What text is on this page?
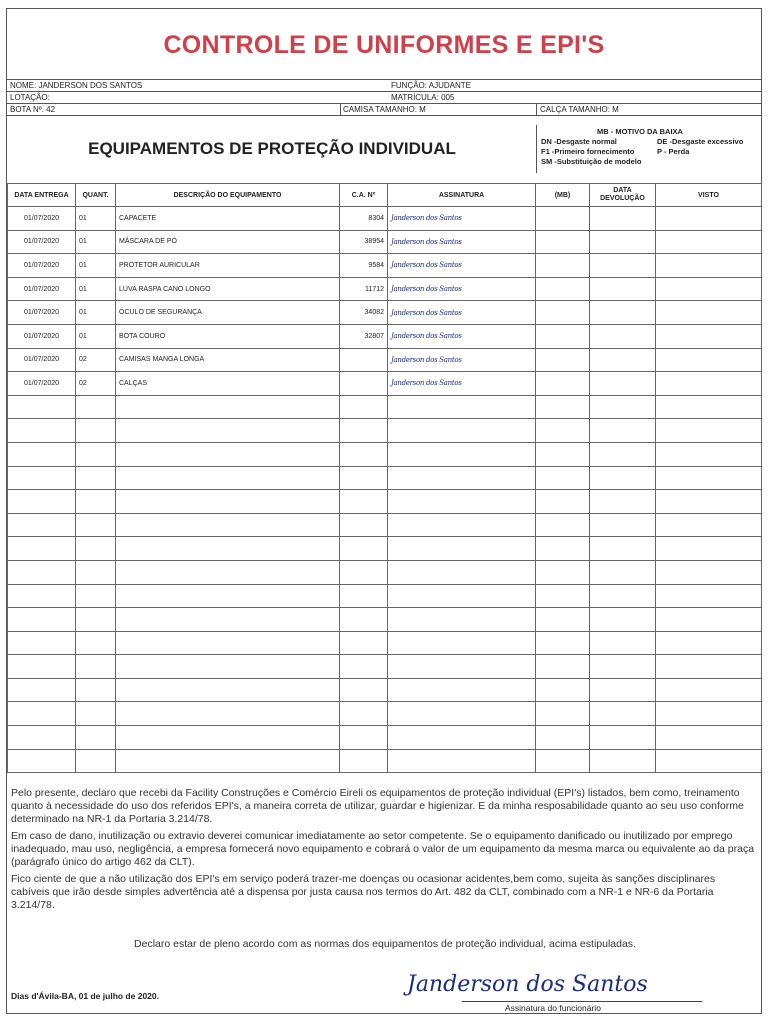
CONTROLE DE UNIFORMES E EPI'S
NOME: JANDERSON DOS SANTOS	FUNÇÃO: AJUDANTE
LOTAÇÃO:	MATRÍCULA: 005
BOTA Nº. 42	CAMISA TAMANHO: M	CALÇA TAMANHO: M
EQUIPAMENTOS DE PROTEÇÃO INDIVIDUAL
MB - MOTIVO DA BAIXA
DN -Desgaste normal	DE -Desgaste excessivo
F1 -Primeiro fornecimento	P - Perda
SM -Substituição de modelo
DATA ENTREGA	QUANT.	DESCRIÇÃO DO EQUIPAMENTO	C.A. Nº	ASSINATURA	(MB)	DATA DEVOLUÇÃO	VISTO
01/07/2020	01	CAPACETE	8304	Janderson dos Santos			
01/07/2020	01	MÁSCARA DE PÓ	38954	Janderson dos Santos			
01/07/2020	01	PROTETOR AURICULAR	9584	Janderson dos Santos			
01/07/2020	01	LUVA RASPA CANO LONGO	11712	Janderson dos Santos			
01/07/2020	01	ÓCULO DE SEGURANÇA	34082	Janderson dos Santos			
01/07/2020	01	BOTA COURO	32807	Janderson dos Santos			
01/07/2020	02	CAMISAS MANGA LONGA		Janderson dos Santos			
01/07/2020	02	CALÇAS		Janderson dos Santos			

Pelo presente, declaro que recebi da Facility Construções e Comércio Eireli os equipamentos de proteção individual (EPI's) listados, bem como, treinamento quanto à necessidade do uso dos referidos EPI's, a maneira correta de utilizar, guardar e higienizar. E da minha resposabilidade quanto ao seu uso conforme determinado na NR-1 da Portaria 3.214/78.

Em caso de dano, inutilização ou extravio deverei comunicar imediatamente ao setor competente. Se o equipamento danificado ou inutilizado por emprego inadequado, mau uso, negligência, a empresa fornecerá novo equipamento e cobrará o valor de um equipamento da mesma marca ou equivalente ao da praça (parágrafo único do artigo 462 da CLT).

Fico ciente de que a não utilização dos EPI's em serviço poderá trazer-me doenças ou ocasionar acidentes,bem como, sujeita às sanções disciplinares cabíveis que irão desde simples advertência até a dispensa por justa causa nos termos do Art. 482 da CLT, combinado com a NR-1 e NR-6 da Portaria 3.214/78.

Declaro estar de pleno acordo com as normas dos equipamentos de proteção individual, acima estipuladas.
Dias d'Ávila-BA, 01 de julho de 2020.	Janderson dos Santos
Assinatura do funcionário
